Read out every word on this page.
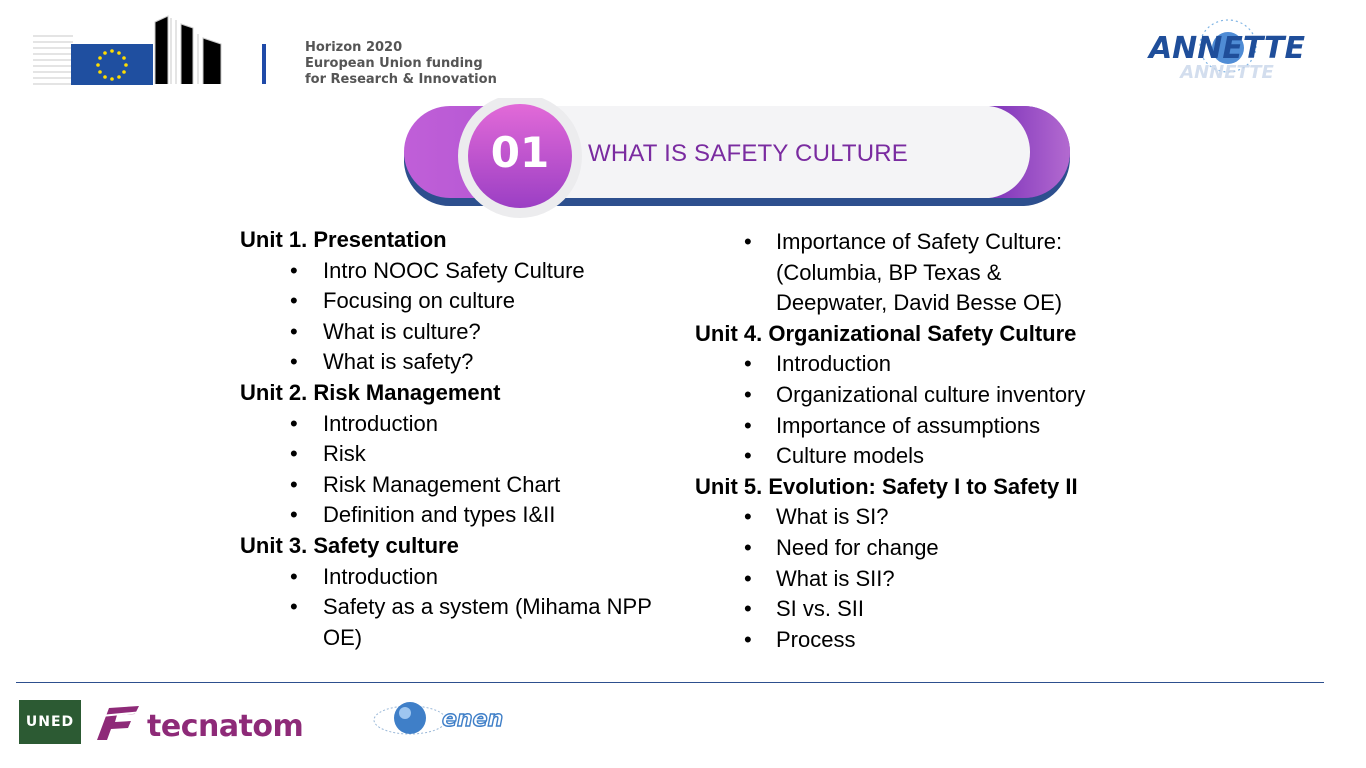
Horizon 2020
European Union funding
for Research & Innovation
ANNETTE
ANNETTE
01	WHAT IS SAFETY CULTURE
Unit 1. Presentation
• Intro NOOC Safety Culture
• Focusing on culture
• What is culture?
• What is safety?
Unit 2. Risk Management
• Introduction
• Risk
• Risk Management Chart
• Definition and types I&II
Unit 3. Safety culture
• Introduction
• Safety as a system (Mihama NPP OE)
• Importance of Safety Culture: (Columbia, BP Texas & Deepwater, David Besse OE)
Unit 4. Organizational Safety Culture
• Introduction
• Organizational culture inventory
• Importance of assumptions
• Culture models
Unit 5. Evolution: Safety I to Safety II
• What is SI?
• Need for change
• What is SII?
• SI vs. SII
• Process
UNED tecnatom	enen
